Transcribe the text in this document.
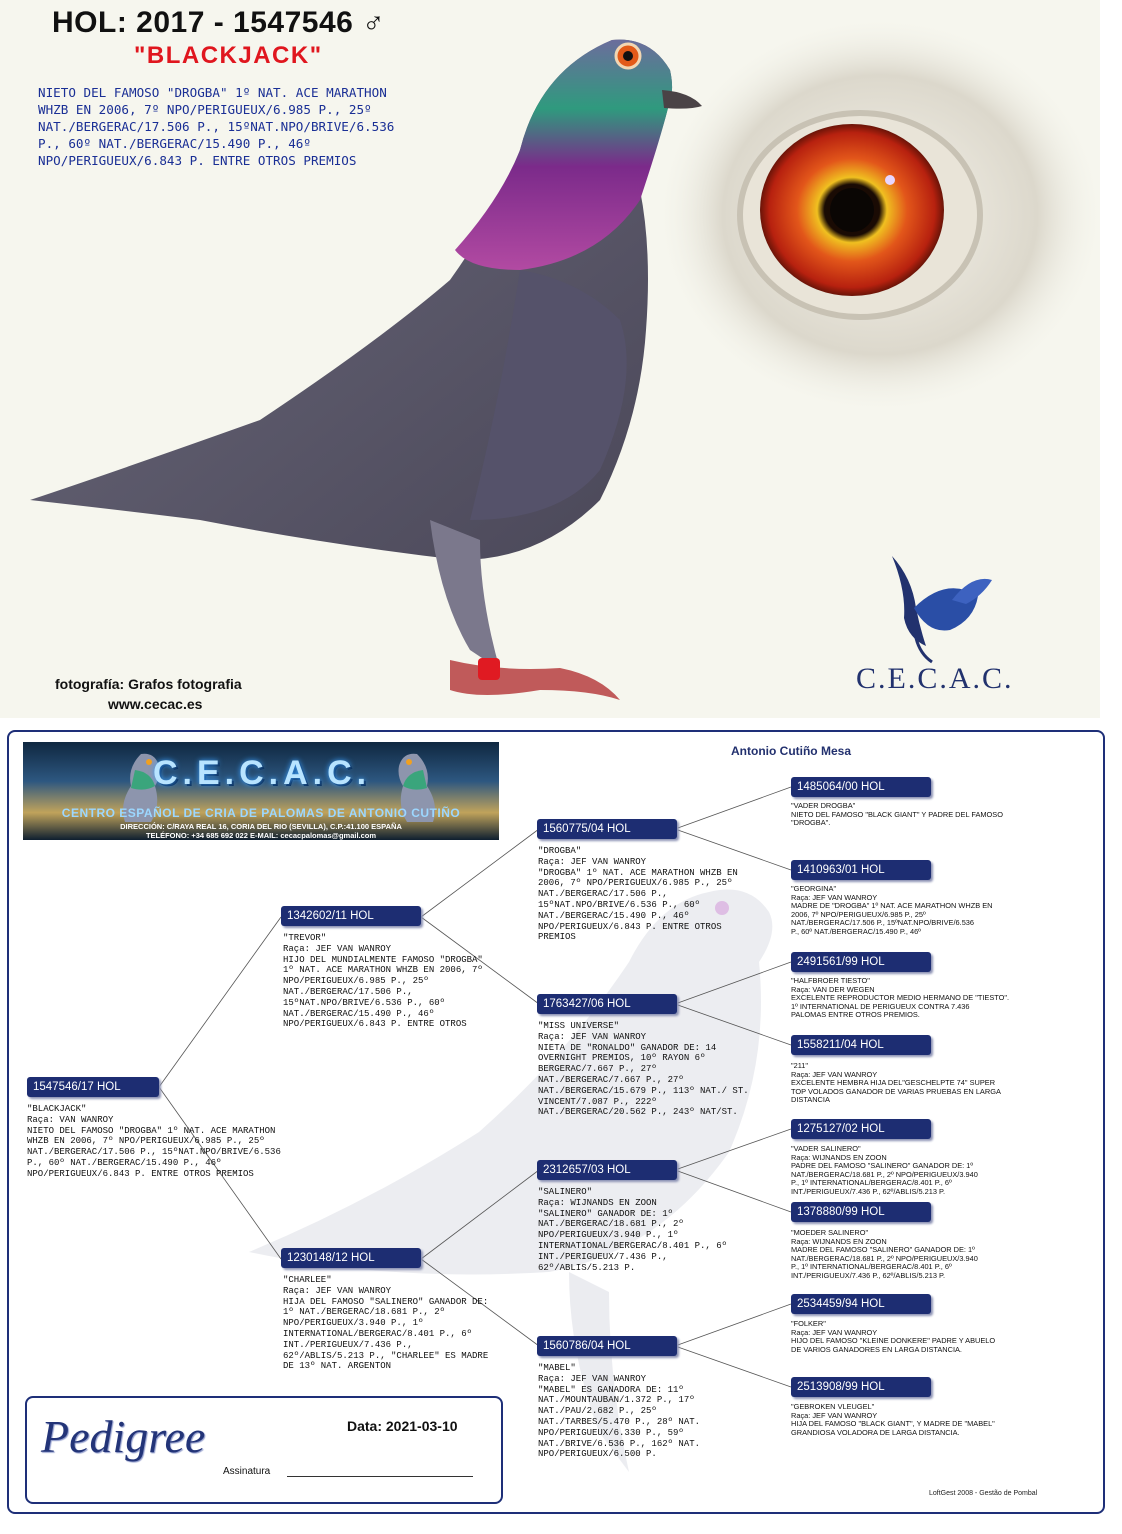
HOL: 2017 - 1547546 ♂
"BLACKJACK"
NIETO DEL FAMOSO "DROGBA" 1º NAT. ACE MARATHON
WHZB EN 2006, 7º NPO/PERIGUEUX/6.985 P., 25º
NAT./BERGERAC/17.506 P., 15ºNAT.NPO/BRIVE/6.536
P., 60º NAT./BERGERAC/15.490 P., 46º
NPO/PERIGUEUX/6.843 P. ENTRE OTROS PREMIOS
C.E.C.A.C.
fotografía: Grafos fotografia
www.cecac.es
C.E.C.A.C.
CENTRO ESPAÑOL DE CRIA DE PALOMAS DE ANTONIO CUTIÑO
DIRECCIÓN: C/RAYA REAL 16, CORIA DEL RIO (SEVILLA), C.P.:41.100 ESPAÑA
TELÉFONO: +34 685 692 022 E-MAIL: cecacpalomas@gmail.com
Antonio Cutiño Mesa
1547546/17 HOL
"BLACKJACK"
Raça: VAN WANROY
NIETO DEL FAMOSO "DROGBA" 1º NAT. ACE MARATHON
WHZB EN 2006, 7º NPO/PERIGUEUX/6.985 P., 25º
NAT./BERGERAC/17.506 P., 15ºNAT.NPO/BRIVE/6.536
P., 60º NAT./BERGERAC/15.490 P., 46º
NPO/PERIGUEUX/6.843 P. ENTRE OTROS PREMIOS
1342602/11 HOL
"TREVOR"
Raça: JEF VAN WANROY
HIJO DEL MUNDIALMENTE FAMOSO "DROGBA"
1º NAT. ACE MARATHON WHZB EN 2006, 7º
NPO/PERIGUEUX/6.985 P., 25º
NAT./BERGERAC/17.506 P.,
15ºNAT.NPO/BRIVE/6.536 P., 60º
NAT./BERGERAC/15.490 P., 46º
NPO/PERIGUEUX/6.843 P. ENTRE OTROS
1230148/12 HOL
"CHARLEE"
Raça: JEF VAN WANROY
HIJA DEL FAMOSO "SALINERO" GANADOR DE:
1º NAT./BERGERAC/18.681 P., 2º
NPO/PERIGUEUX/3.940 P., 1º
INTERNATIONAL/BERGERAC/8.401 P., 6º
INT./PERIGUEUX/7.436 P.,
62º/ABLIS/5.213 P., "CHARLEE" ES MADRE
DE 13º NAT. ARGENTON
1560775/04 HOL
"DROGBA"
Raça: JEF VAN WANROY
"DROGBA" 1º NAT. ACE MARATHON WHZB EN
2006, 7º NPO/PERIGUEUX/6.985 P., 25º
NAT./BERGERAC/17.506 P.,
15ºNAT.NPO/BRIVE/6.536 P., 60º
NAT./BERGERAC/15.490 P., 46º
NPO/PERIGUEUX/6.843 P. ENTRE OTROS
PREMIOS
1763427/06 HOL
"MISS UNIVERSE"
Raça: JEF VAN WANROY
NIETA DE "RONALDO" GANADOR DE: 14
OVERNIGHT PREMIOS, 10º RAYON 6º
BERGERAC/7.667 P., 27º
NAT./BERGERAC/7.667 P., 27º
NAT./BERGERAC/15.679 P., 113º NAT./ ST.
VINCENT/7.087 P., 222º
NAT./BERGERAC/20.562 P., 243º NAT/ST.
2312657/03 HOL
"SALINERO"
Raça: WIJNANDS EN ZOON
"SALINERO" GANADOR DE: 1º
NAT./BERGERAC/18.681 P., 2º
NPO/PERIGUEUX/3.940 P., 1º
INTERNATIONAL/BERGERAC/8.401 P., 6º
INT./PERIGUEUX/7.436 P.,
62º/ABLIS/5.213 P.
1560786/04 HOL
"MABEL"
Raça: JEF VAN WANROY
"MABEL" ES GANADORA DE: 11º
NAT./MOUNTAUBAN/1.372 P., 17º
NAT./PAU/2.682 P., 25º
NAT./TARBES/5.470 P., 28º NAT.
NPO/PERIGUEUX/6.330 P., 59º
NAT./BRIVE/6.536 P., 162º NAT.
NPO/PERIGUEUX/6.500 P.
1485064/00 HOL
"VADER DROGBA"
NIETO DEL FAMOSO "BLACK GIANT" Y PADRE DEL FAMOSO
"DROGBA".
1410963/01 HOL
"GEORGINA"
Raça: JEF VAN WANROY
MADRE DE "DROGBA" 1º NAT. ACE MARATHON WHZB EN
2006, 7º NPO/PERIGUEUX/6.985 P., 25º
NAT./BERGERAC/17.506 P., 15ºNAT.NPO/BRIVE/6.536
P., 60º NAT./BERGERAC/15.490 P., 46º
2491561/99 HOL
"HALFBROER TIESTO"
Raça: VAN DER WEGEN
EXCELENTE REPRODUCTOR MEDIO HERMANO DE "TIESTO".
1º INTERNATIONAL DE PERIGUEUX CONTRA 7.436
PALOMAS ENTRE OTROS PREMIOS.
1558211/04 HOL
"211"
Raça: JEF VAN WANROY
EXCELENTE HEMBRA HIJA DEL"GESCHELPTE 74" SUPER
TOP VOLADOS GANADOR DE VARIAS PRUEBAS EN LARGA
DISTANCIA
1275127/02 HOL
"VADER SALINERO"
Raça: WIJNANDS EN ZOON
PADRE DEL FAMOSO "SALINERO" GANADOR DE: 1º
NAT./BERGERAC/18.681 P., 2º NPO/PERIGUEUX/3.940
P., 1º INTERNATIONAL/BERGERAC/8.401 P., 6º
INT./PERIGUEUX/7.436 P., 62º/ABLIS/5.213 P.
1378880/99 HOL
"MOEDER SALINERO"
Raça: WIJNANDS EN ZOON
MADRE DEL FAMOSO "SALINERO" GANADOR DE: 1º
NAT./BERGERAC/18.681 P., 2º NPO/PERIGUEUX/3.940
P., 1º INTERNATIONAL/BERGERAC/8.401 P., 6º
INT./PERIGUEUX/7.436 P., 62º/ABLIS/5.213 P.
2534459/94 HOL
"FOLKER"
Raça: JEF VAN WANROY
HIJO DEL FAMOSO "KLEINE DONKERE" PADRE Y ABUELO
DE VARIOS GANADORES EN LARGA DISTANCIA.
2513908/99 HOL
"GEBROKEN VLEUGEL"
Raça: JEF VAN WANROY
HIJA DEL FAMOSO "BLACK GIANT", Y MADRE DE "MABEL"
GRANDIOSA VOLADORA DE LARGA DISTANCIA.
Pedigree	Data: 2021-03-10
Assinatura
LoftGest 2008 - Gestão de Pombal
